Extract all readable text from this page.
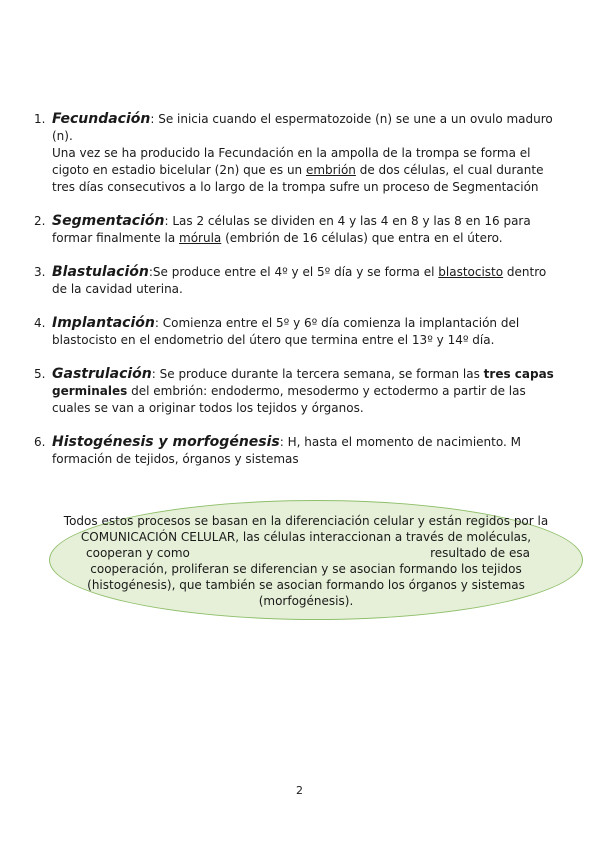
1. Fecundación: Se inicia cuando el espermatozoide (n) se une a un ovulo maduro (n).
Una vez se ha producido la Fecundación en la ampolla de la trompa se forma el cigoto en estadio bicelular (2n) que es un embrión de dos células, el cual durante tres días consecutivos a lo largo de la trompa sufre un proceso de Segmentación
2. Segmentación: Las 2 células se dividen en 4 y las 4 en 8 y las 8 en 16 para formar finalmente la mórula (embrión de 16 células) que entra en el útero.
3. Blastulación:Se produce entre el 4º y el 5º día y se forma el blastocisto dentro de la cavidad uterina.
4. Implantación: Comienza entre el 5º y 6º día comienza la implantación del blastocisto en el endometrio del útero que termina entre el 13º y 14º día.
5. Gastrulación: Se produce durante la tercera semana, se forman las tres capas germinales del embrión: endodermo, mesodermo y ectodermo a partir de las cuales se van a originar todos los tejidos y órganos.
6. Histogénesis y morfogénesis: H, hasta el momento de nacimiento. M formación de tejidos, órganos y sistemas
Todos estos procesos se basan en la diferenciación celular y están regidos por la
COMUNICACIÓN CELULAR, las células interaccionan a través de moléculas,
cooperan y como	resultado de esa
cooperación, proliferan se diferencian y se asocian formando los tejidos
(histogénesis), que también se asocian formando los órganos y sistemas
(morfogénesis).
2
